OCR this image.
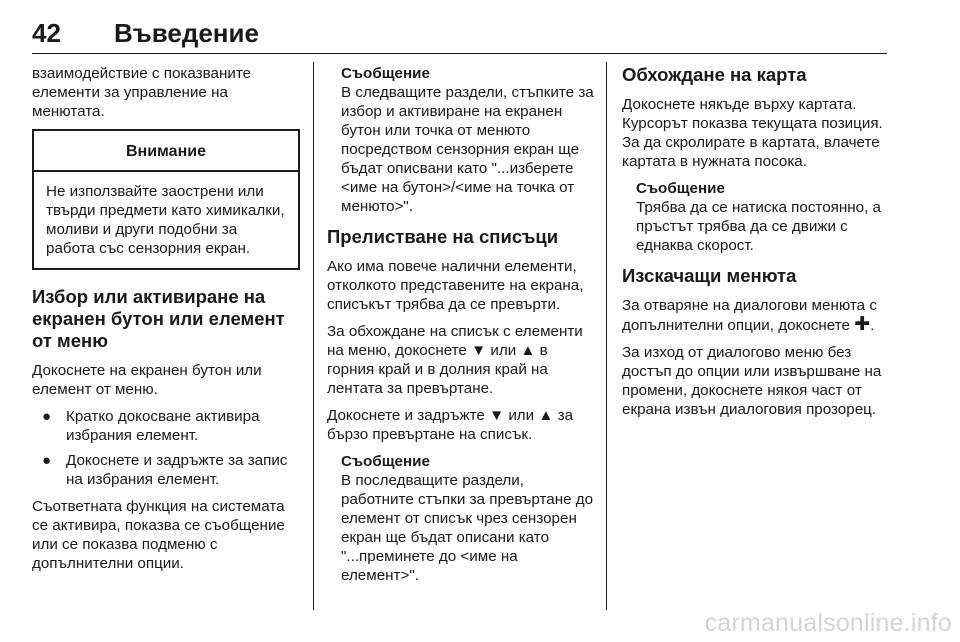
42 Въведение

взаимодействие с показваните елементи за управление на менютата.

Внимание
Не използвайте заострени или твърди предмети като химикалки, моливи и други подобни за работа със сензорния екран.
Избор или активиране на екранен бутон или елемент от меню

Докоснете на екранен бутон или елемент от меню.

● Кратко докосване активира избрания елемент.
● Докоснете и задръжте за запис на избрания елемент.

Съответната функция на системата се активира, показва се съобщение или се показва подменю с допълнителни опции.

Съобщение
В следващите раздели, стъпките за избор и активиране на екранен бутон или точка от менюто посредством сензорния екран ще бъдат описвани като "...изберете <име на бутон>/<име на точка от менюто>".
Прелистване на списъци

Ако има повече налични елементи, отколкото представените на екрана, списъкът трябва да се превърти.

За обхождане на списък с елементи на меню, докоснете ▼ или ▲ в горния край и в долния край на лентата за превъртане.

Докоснете и задръжте ▼ или ▲ за бързо превъртане на списък.

Съобщение
В последващите раздели, работните стъпки за превъртане до елемент от списък чрез сензорен екран ще бъдат описани като "...преминете до <име на елемент>".
Обхождане на карта

Докоснете някъде върху картата. Курсорът показва текущата позиция. За да скролирате в картата, влачете картата в нужната посока.

Съобщение
Трябва да се натиска постоянно, а пръстът трябва да се движи с еднаква скорост.
Изскачащи менюта

За отваряне на диалогови менюта с допълнителни опции, докоснете ✚.

За изход от диалогово меню без достъп до опции или извършване на промени, докоснете някоя част от екрана извън диалоговия прозорец.

carmanualsonline.info
